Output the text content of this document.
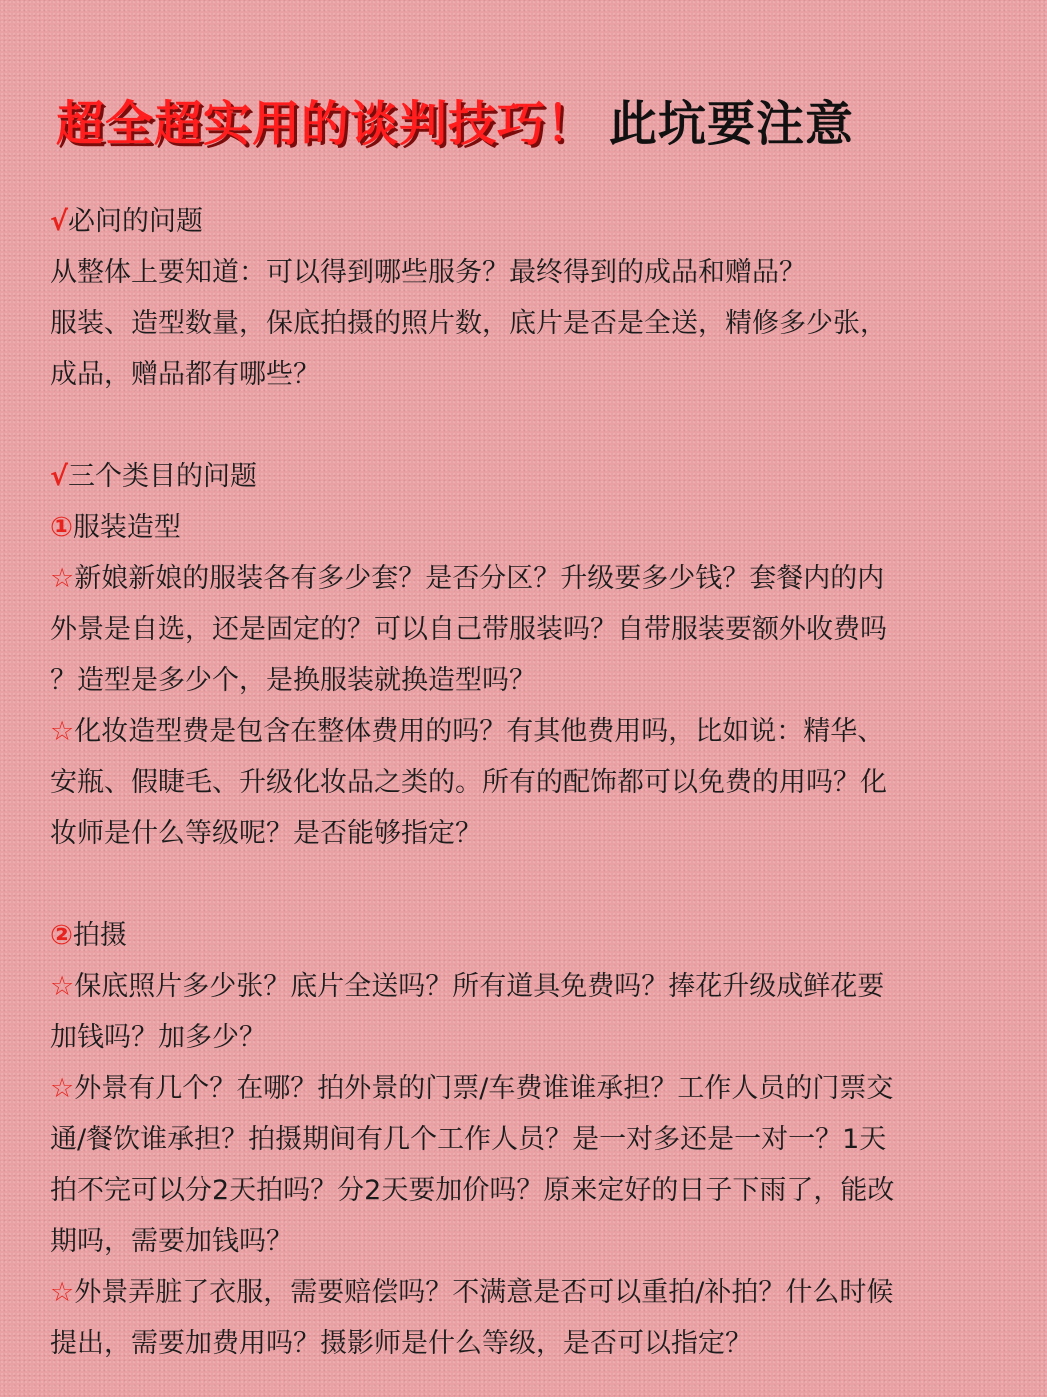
超全超实用的谈判技巧！ 此坑要注意

√必问的问题

从整体上要知道：可以得到哪些服务？最终得到的成品和赠品？

服装、造型数量，保底拍摄的照片数，底片是否是全送，精修多少张，

成品，赠品都有哪些？

√三个类目的问题

①服装造型

☆新娘新娘的服装各有多少套？是否分区？升级要多少钱？套餐内的内

外景是自选，还是固定的？可以自己带服装吗？自带服装要额外收费吗

？造型是多少个，是换服装就换造型吗？

☆化妆造型费是包含在整体费用的吗？有其他费用吗，比如说：精华、

安瓶、假睫毛、升级化妆品之类的。所有的配饰都可以免费的用吗？化

妆师是什么等级呢？是否能够指定？

②拍摄

☆保底照片多少张？底片全送吗？所有道具免费吗？捧花升级成鲜花要

加钱吗？加多少？

☆外景有几个？在哪？拍外景的门票/车费谁谁承担？工作人员的门票交

通/餐饮谁承担？拍摄期间有几个工作人员？是一对多还是一对一？1天

拍不完可以分2天拍吗？分2天要加价吗？原来定好的日子下雨了，能改

期吗，需要加钱吗？

☆外景弄脏了衣服，需要赔偿吗？不满意是否可以重拍/补拍？什么时候

提出，需要加费用吗？摄影师是什么等级，是否可以指定？
